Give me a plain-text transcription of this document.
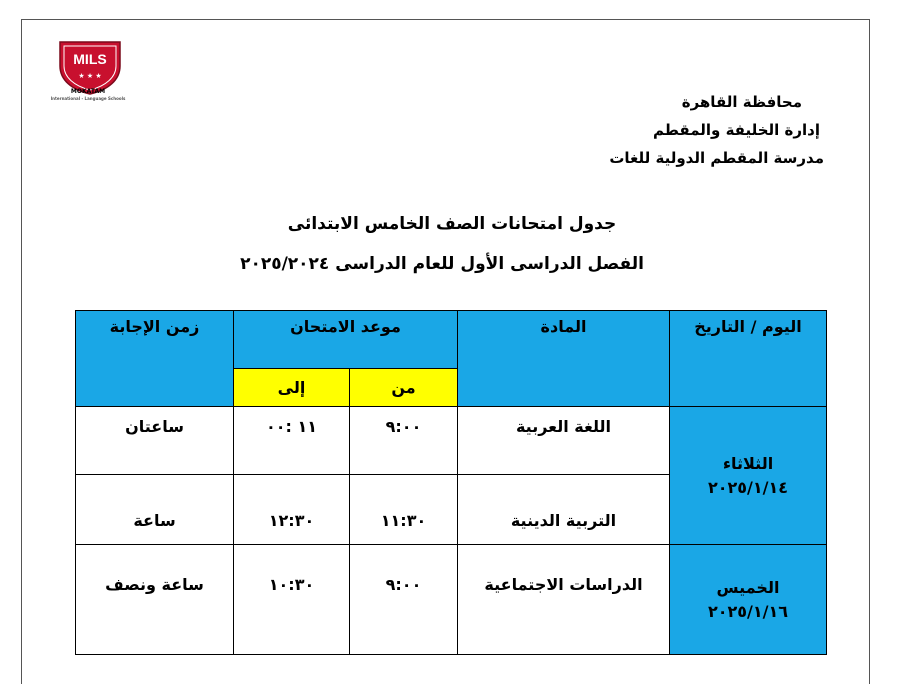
MILS
★ ★ ★
MOKATAM
International - Language Schools	محافظة القاهرة
إدارة الخليفة والمقطم
مدرسة المقطم الدولية للغات
جدول امتحانات الصف الخامس الابتدائى
الفصل الدراسى الأول للعام الدراسى ٢٠٢٥/٢٠٢٤
اليوم / التاريخ	المادة	موعد الامتحان		زمن الإجابة
		من	إلى	

الثلاثاء
٢٠٢٥/١/١٤	اللغة العربية	٩:٠٠	١١ :٠٠	ساعتان
	التربية الدينية	١١:٣٠	١٢:٣٠	ساعة

الخميس
٢٠٢٥/١/١٦	الدراسات الاجتماعية	٩:٠٠	١٠:٣٠	ساعة ونصف
